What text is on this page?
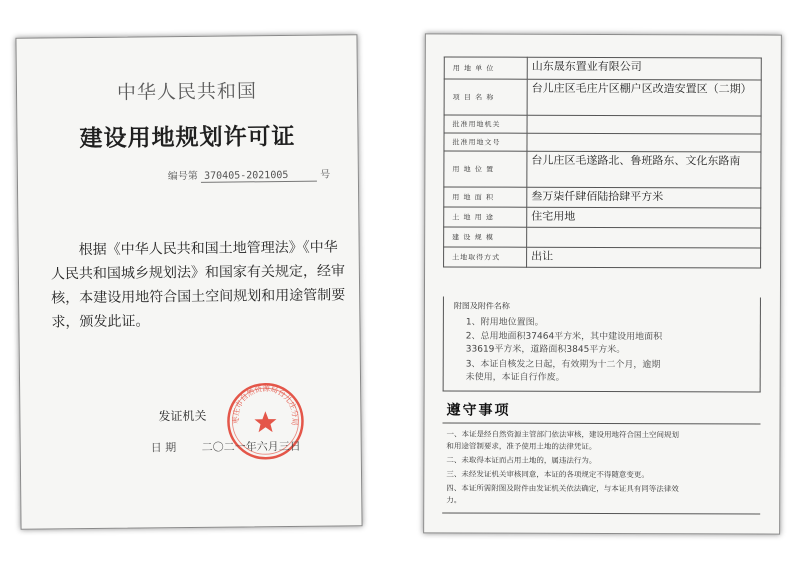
中华人民共和国
建设用地规划许可证
编号第 370405-2021005	号
根据《中华人民共和国土地管理法》《中华人民共和国城乡规划法》和国家有关规定，经审核，本建设用地符合国土空间规划和用途管制要求，颁发此证。
枣庄市自然资源局台儿庄分局
发证机关
日 期 二〇二一年六月三日
用 地 单 位	山东晟东置业有限公司
项 目 名 称	台儿庄区毛庄片区棚户区改造安置区（二期）
批准用地机关	
批准用地文号	
用 地 位 置	台儿庄区毛遂路北、鲁班路东、文化东路南
用 地 面 积	叁万柒仟肆佰陆拾肆平方米
土 地 用 途	住宅用地
建 设 规 模	
土地取得方式	出让
附图及附件名称
1、附用地位置图。
2、总用地面积37464平方米，其中建设用地面积
33619平方米，道路面积3845平方米。
3、本证自核发之日起，有效期为十二个月，逾期
未使用，本证自行作废。
遵守事项
一、本证是经自然资源主管部门依法审核，建设用地符合国土空间规划
和用途管制要求，准予使用土地的法律凭证。
二、未取得本证而占用土地的，属违法行为。
三、未经发证机关审核同意，本证的各项规定不得随意变更。
四、本证所需附图及附件由发证机关依法确定，与本证具有同等法律效
力。
